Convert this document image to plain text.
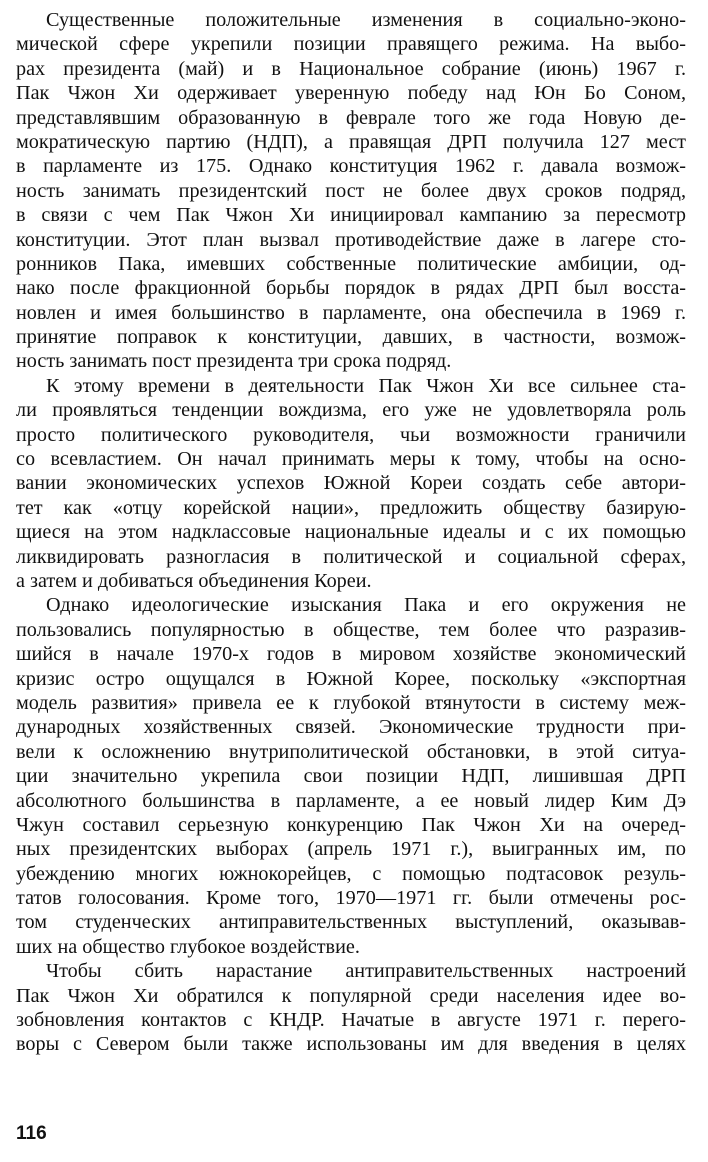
Существенные положительные изменения в социально-эконо-
мической сфере укрепили позиции правящего режима. На выбо-
рах президента (май) и в Национальное собрание (июнь) 1967 г.
Пак Чжон Хи одерживает уверенную победу над Юн Бо Соном,
представлявшим образованную в феврале того же года Новую де-
мократическую партию (НДП), а правящая ДРП получила 127 мест
в парламенте из 175. Однако конституция 1962 г. давала возмож-
ность занимать президентский пост не более двух сроков подряд,
в связи с чем Пак Чжон Хи инициировал кампанию за пересмотр
конституции. Этот план вызвал противодействие даже в лагере сто-
ронников Пака, имевших собственные политические амбиции, од-
нако после фракционной борьбы порядок в рядах ДРП был восста-
новлен и имея большинство в парламенте, она обеспечила в 1969 г.
принятие поправок к конституции, давших, в частности, возмож-
ность занимать пост президента три срока подряд.
К этому времени в деятельности Пак Чжон Хи все сильнее ста-
ли проявляться тенденции вождизма, его уже не удовлетворяла роль
просто политического руководителя, чьи возможности граничили
со всевластием. Он начал принимать меры к тому, чтобы на осно-
вании экономических успехов Южной Кореи создать себе автори-
тет как «отцу корейской нации», предложить обществу базирую-
щиеся на этом надклассовые национальные идеалы и с их помощью
ликвидировать разногласия в политической и социальной сферах,
а затем и добиваться объединения Кореи.
Однако идеологические изыскания Пака и его окружения не
пользовались популярностью в обществе, тем более что разразив-
шийся в начале 1970-х годов в мировом хозяйстве экономический
кризис остро ощущался в Южной Корее, поскольку «экспортная
модель развития» привела ее к глубокой втянутости в систему меж-
дународных хозяйственных связей. Экономические трудности при-
вели к осложнению внутриполитической обстановки, в этой ситуа-
ции значительно укрепила свои позиции НДП, лишившая ДРП
абсолютного большинства в парламенте, а ее новый лидер Ким Дэ
Чжун составил серьезную конкуренцию Пак Чжон Хи на очеред-
ных президентских выборах (апрель 1971 г.), выигранных им, по
убеждению многих южнокорейцев, с помощью подтасовок резуль-
татов голосования. Кроме того, 1970—1971 гг. были отмечены рос-
том студенческих антиправительственных выступлений, оказывав-
ших на общество глубокое воздействие.
Чтобы сбить нарастание антиправительственных настроений
Пак Чжон Хи обратился к популярной среди населения идее во-
зобновления контактов с КНДР. Начатые в августе 1971 г. перего-
воры с Севером были также использованы им для введения в целях
116
